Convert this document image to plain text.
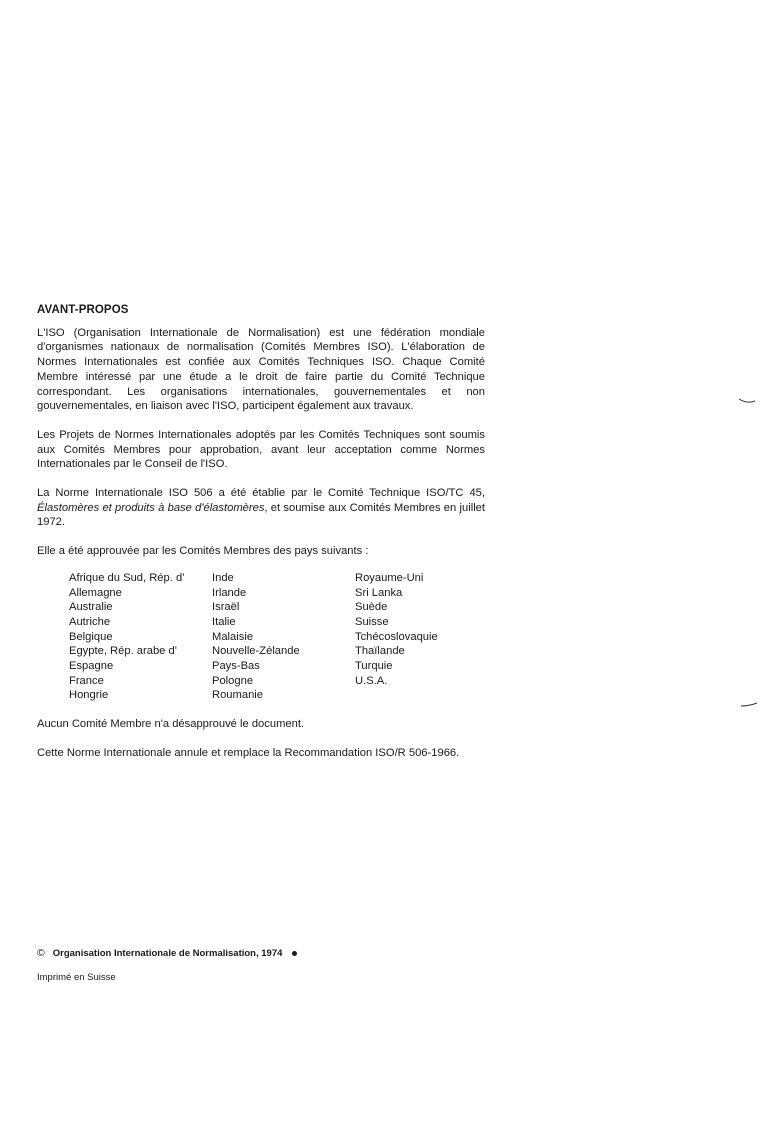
AVANT-PROPOS

L'ISO (Organisation Internationale de Normalisation) est une fédération mondiale d'organismes nationaux de normalisation (Comités Membres ISO). L'élaboration de Normes Internationales est confiée aux Comités Techniques ISO. Chaque Comité Membre intéressé par une étude a le droit de faire partie du Comité Technique correspondant. Les organisations internationales, gouvernementales et non gouvernementales, en liaison avec l'ISO, participent également aux travaux.

Les Projets de Normes Internationales adoptés par les Comités Techniques sont soumis aux Comités Membres pour approbation, avant leur acceptation comme Normes Internationales par le Conseil de l'ISO.

La Norme Internationale ISO 506 a été établie par le Comité Technique ISO/TC 45, Élastomères et produits à base d'élastomères, et soumise aux Comités Membres en juillet 1972.

Elle a été approuvée par les Comités Membres des pays suivants :

Afrique du Sud, Rép. d'
Allemagne
Australie
Autriche
Belgique
Egypte, Rép. arabe d'
Espagne
France
Hongrie
Inde
Irlande
Israël
Italie
Malaisie
Nouvelle-Zélande
Pays-Bas
Pologne
Roumanie
Royaume-Uni
Sri Lanka
Suède
Suisse
Tchécoslovaquie
Thaïlande
Turquie
U.S.A.

Aucun Comité Membre n'a désapprouvé le document.

Cette Norme Internationale annule et remplace la Recommandation ISO/R 506-1966.

© Organisation Internationale de Normalisation, 1974
Imprimé en Suisse
